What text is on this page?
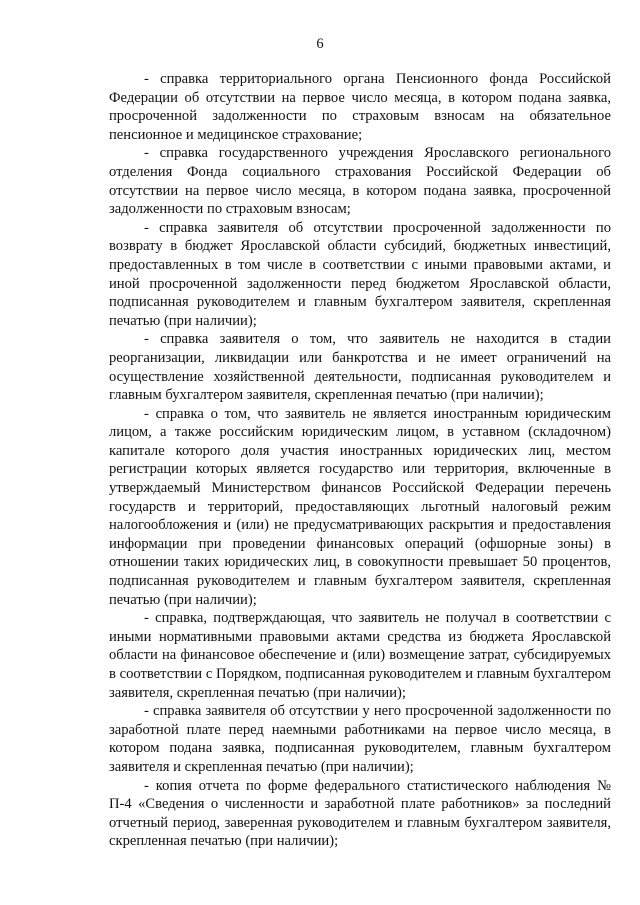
6

- справка территориального органа Пенсионного фонда Российской Федерации об отсутствии на первое число месяца, в котором подана заявка, просроченной задолженности по страховым взносам на обязательное пенсионное и медицинское страхование;

- справка государственного учреждения Ярославского регионального отделения Фонда социального страхования Российской Федерации об отсутствии на первое число месяца, в котором подана заявка, просроченной задолженности по страховым взносам;

- справка заявителя об отсутствии просроченной задолженности по возврату в бюджет Ярославской области субсидий, бюджетных инвестиций, предоставленных в том числе в соответствии с иными правовыми актами, и иной просроченной задолженности перед бюджетом Ярославской области, подписанная руководителем и главным бухгалтером заявителя, скрепленная печатью (при наличии);

- справка заявителя о том, что заявитель не находится в стадии реорганизации, ликвидации или банкротства и не имеет ограничений на осуществление хозяйственной деятельности, подписанная руководителем и главным бухгалтером заявителя, скрепленная печатью (при наличии);

- справка о том, что заявитель не является иностранным юридическим лицом, а также российским юридическим лицом, в уставном (складочном) капитале которого доля участия иностранных юридических лиц, местом регистрации которых является государство или территория, включенные в утверждаемый Министерством финансов Российской Федерации перечень государств и территорий, предоставляющих льготный налоговый режим налогообложения и (или) не предусматривающих раскрытия и предоставления информации при проведении финансовых операций (офшорные зоны) в отношении таких юридических лиц, в совокупности превышает 50 процентов, подписанная руководителем и главным бухгалтером заявителя, скрепленная печатью (при наличии);

- справка, подтверждающая, что заявитель не получал в соответствии с иными нормативными правовыми актами средства из бюджета Ярославской области на финансовое обеспечение и (или) возмещение затрат, субсидируемых в соответствии с Порядком, подписанная руководителем и главным бухгалтером заявителя, скрепленная печатью (при наличии);

- справка заявителя об отсутствии у него просроченной задолженности по заработной плате перед наемными работниками на первое число месяца, в котором подана заявка, подписанная руководителем, главным бухгалтером заявителя и скрепленная печатью (при наличии);

- копия отчета по форме федерального статистического наблюдения № П-4 «Сведения о численности и заработной плате работников» за последний отчетный период, заверенная руководителем и главным бухгалтером заявителя, скрепленная печатью (при наличии);
